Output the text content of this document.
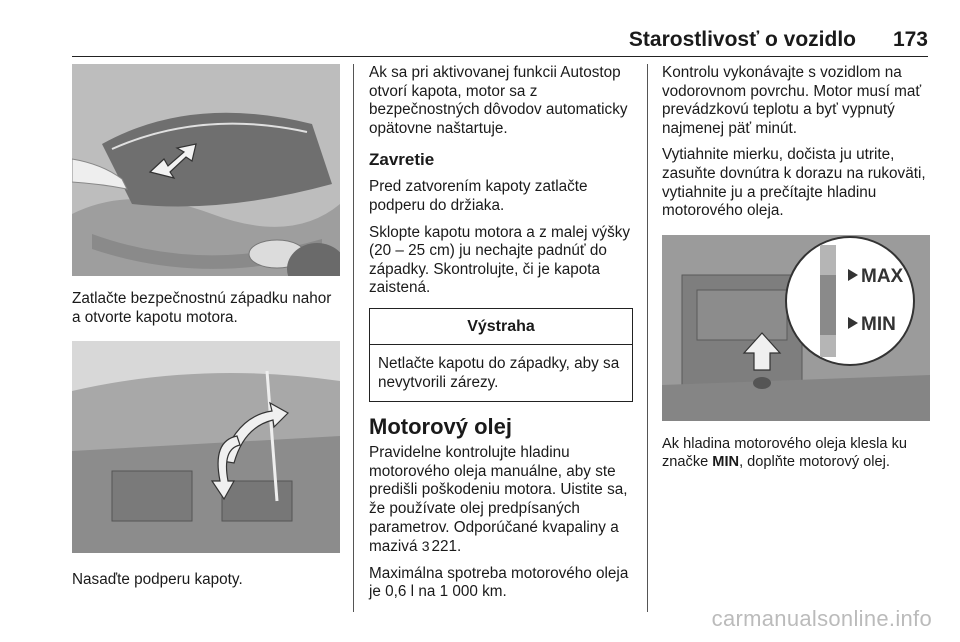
Starostlivosť o vozidlo 173

Zatlačte bezpečnostnú západku nahor a otvorte kapotu motora.

Nasaďte podperu kapoty.

Ak sa pri aktivovanej funkcii Autostop otvorí kapota, motor sa z bezpečnostných dôvodov automaticky opätovne naštartuje.

Zavretie

Pred zatvorením kapoty zatlačte podperu do držiaka.

Sklopte kapotu motora a z malej výšky (20 – 25 cm) ju nechajte padnúť do západky. Skontrolujte, či je kapota zaistená.

Výstraha
Netlačte kapotu do západky, aby sa nevytvorili zárezy.

Motorový olej

Pravidelne kontrolujte hladinu motorového oleja manuálne, aby ste predišli poškodeniu motora. Uistite sa, že používate olej predpísaných parametrov. Odporúčané kvapaliny a mazivá 3 221.

Maximálna spotreba motorového oleja je 0,6 l na 1 000 km.

Kontrolu vykonávajte s vozidlom na vodorovnom povrchu. Motor musí mať prevádzkovú teplotu a byť vypnutý najmenej päť minút.

Vytiahnite mierku, dočista ju utrite, zasuňte dovnútra k dorazu na rukoväti, vytiahnite ju a prečítajte hladinu motorového oleja.

MAX
MIN

Ak hladina motorového oleja klesla ku značke MIN, doplňte motorový olej.

carmanualsonline.info
